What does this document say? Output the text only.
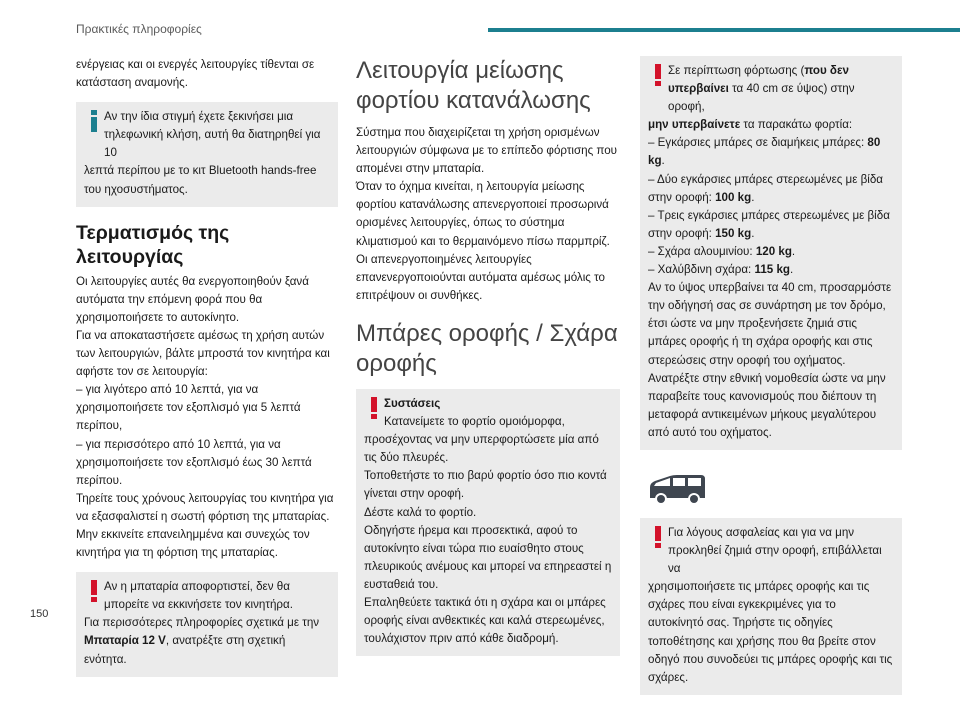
Πρακτικές πληροφορίες

ενέργειας και οι ενεργές λειτουργίες τίθενται σε κατάσταση αναμονής.

Αν την ίδια στιγμή έχετε ξεκινήσει μια τηλεφωνική κλήση, αυτή θα διατηρηθεί για 10
λεπτά περίπου με το κιτ Bluetooth hands-free του ηχοσυστήματος.
Τερματισμός της λειτουργίας

Οι λειτουργίες αυτές θα ενεργοποιηθούν ξανά αυτόματα την επόμενη φορά που θα χρησιμοποιήσετε το αυτοκίνητο.

Για να αποκαταστήσετε αμέσως τη χρήση αυτών των λειτουργιών, βάλτε μπροστά τον κινητήρα και αφήστε τον σε λειτουργία:

– για λιγότερο από 10 λεπτά, για να χρησιμοποιήσετε τον εξοπλισμό για 5 λεπτά περίπου,

– για περισσότερο από 10 λεπτά, για να χρησιμοποιήσετε τον εξοπλισμό έως 30 λεπτά περίπου.

Τηρείτε τους χρόνους λειτουργίας του κινητήρα για να εξασφαλιστεί η σωστή φόρτιση της μπαταρίας.

Μην εκκινείτε επανειλημμένα και συνεχώς τον κινητήρα για τη φόρτιση της μπαταρίας.

Αν η μπαταρία αποφορτιστεί, δεν θα μπορείτε να εκκινήσετε τον κινητήρα.
Για περισσότερες πληροφορίες σχετικά με την Μπαταρία 12 V, ανατρέξτε στη σχετική ενότητα.
Λειτουργία μείωσης φορτίου κατανάλωσης

Σύστημα που διαχειρίζεται τη χρήση ορισμένων λειτουργιών σύμφωνα με το επίπεδο φόρτισης που απομένει στην μπαταρία.

Όταν το όχημα κινείται, η λειτουργία μείωσης φορτίου κατανάλωσης απενεργοποιεί προσωρινά ορισμένες λειτουργίες, όπως το σύστημα κλιματισμού και το θερμαινόμενο πίσω παρμπρίζ.

Οι απενεργοποιημένες λειτουργίες επανενεργοποιούνται αυτόματα αμέσως μόλις το επιτρέψουν οι συνθήκες.

Μπάρες οροφής / Σχάρα οροφής
Συστάσεις
Κατανείμετε το φορτίο ομοιόμορφα,
προσέχοντας να μην υπερφορτώσετε μία από τις δύο πλευρές.
Τοποθετήστε το πιο βαρύ φορτίο όσο πιο κοντά γίνεται στην οροφή.
Δέστε καλά το φορτίο.
Οδηγήστε ήρεμα και προσεκτικά, αφού το αυτοκίνητο είναι τώρα πιο ευαίσθητο στους πλευρικούς ανέμους και μπορεί να επηρεαστεί η ευσταθειά του.
Επαληθεύετε τακτικά ότι η σχάρα και οι μπάρες οροφής είναι ανθεκτικές και καλά στερεωμένες, τουλάχιστον πριν από κάθε διαδρομή.
Σε περίπτωση φόρτωσης (που δεν υπερβαίνει τα 40 cm σε ύψος) στην οροφή,
μην υπερβαίνετε τα παρακάτω φορτία:
– Εγκάρσιες μπάρες σε διαμήκεις μπάρες: 80 kg.
– Δύο εγκάρσιες μπάρες στερεωμένες με βίδα στην οροφή: 100 kg.
– Τρεις εγκάρσιες μπάρες στερεωμένες με βίδα στην οροφή: 150 kg.
– Σχάρα αλουμινίου: 120 kg.
– Χαλύβδινη σχάρα: 115 kg.
Αν το ύψος υπερβαίνει τα 40 cm, προσαρμόστε την οδήγησή σας σε συνάρτηση με τον δρόμο, έτσι ώστε να μην προξενήσετε ζημιά στις μπάρες οροφής ή τη σχάρα οροφής και στις στερεώσεις στην οροφή του οχήματος.
Ανατρέξτε στην εθνική νομοθεσία ώστε να μην παραβείτε τους κανονισμούς που διέπουν τη μεταφορά αντικειμένων μήκους μεγαλύτερου από αυτό του οχήματος.
Για λόγους ασφαλείας και για να μην προκληθεί ζημιά στην οροφή, επιβάλλεται να
χρησιμοποιήσετε τις μπάρες οροφής και τις σχάρες που είναι εγκεκριμένες για το αυτοκίνητό σας. Τηρήστε τις οδηγίες τοποθέτησης και χρήσης που θα βρείτε στον οδηγό που συνοδεύει τις μπάρες οροφής και τις σχάρες.
150
